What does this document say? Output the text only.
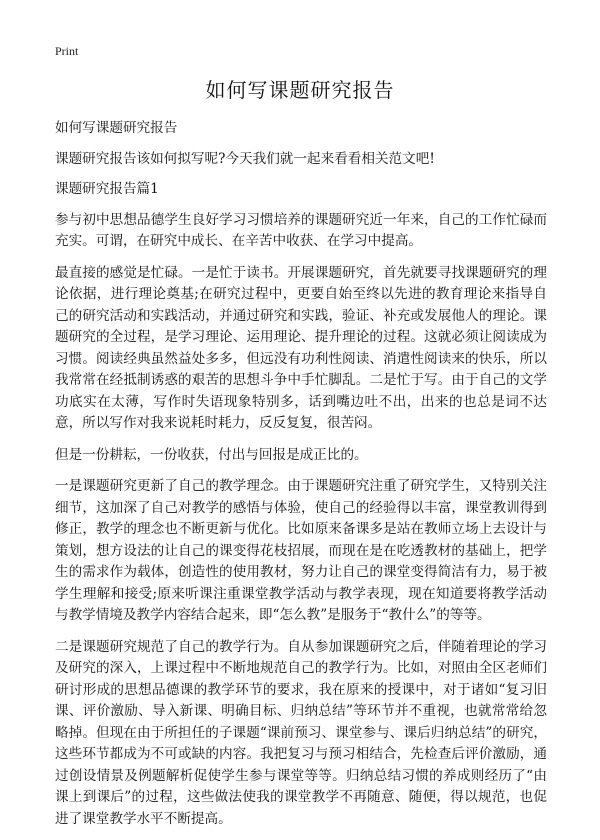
Print
如何写课题研究报告

如何写课题研究报告

课题研究报告该如何拟写呢?今天我们就一起来看看相关范文吧!

课题研究报告篇1

参与初中思想品德学生良好学习习惯培养的课题研究近一年来，自己的工作忙碌而充实。可谓，在研究中成长、在辛苦中收获、在学习中提高。

最直接的感觉是忙碌。一是忙于读书。开展课题研究，首先就要寻找课题研究的理论依据，进行理论奠基;在研究过程中，更要自始至终以先进的教育理论来指导自己的研究活动和实践活动，并通过研究和实践，验证、补充或发展他人的理论。课题研究的全过程，是学习理论、运用理论、提升理论的过程。这就必须让阅读成为习惯。阅读经典虽然益处多多，但远没有功利性阅读、消遣性阅读来的快乐，所以我常常在经抵制诱惑的艰苦的思想斗争中手忙脚乱。二是忙于写。由于自己的文学功底实在太薄，写作时失语现象特别多，话到嘴边吐不出，出来的也总是词不达意，所以写作对我来说耗时耗力，反反复复，很苦闷。

但是一份耕耘，一份收获，付出与回报是成正比的。

一是课题研究更新了自己的教学理念。由于课题研究注重了研究学生，又特别关注细节，这加深了自己对教学的感悟与体验，使自己的经验得以丰富，课堂教训得到修正，教学的理念也不断更新与优化。比如原来备课多是站在教师立场上去设计与策划，想方设法的让自己的课变得花枝招展，而现在是在吃透教材的基础上，把学生的需求作为载体，创造性的使用教材，努力让自己的课堂变得简洁有力，易于被学生理解和接受;原来听课注重课堂教学活动与教学表现，现在知道要将教学活动与教学情境及教学内容结合起来，即“怎么教”是服务于“教什么”的等等。

二是课题研究规范了自己的教学行为。自从参加课题研究之后，伴随着理论的学习及研究的深入，上课过程中不断地规范自己的教学行为。比如，对照由全区老师们研讨形成的思想品德课的教学环节的要求，我在原来的授课中，对于诸如“复习旧课、评价激励、导入新课、明确目标、归纳总结”等环节并不重视，也就常常给忽略掉。但现在由于所担任的子课题“课前预习、课堂参与、课后归纳总结”的研究，这些环节都成为不可或缺的内容。我把复习与预习相结合，先检查后评价激励，通过创设情景及例题解析促使学生参与课堂等等。归纳总结习惯的养成则经历了“由课上到课后”的过程，这些做法使我的课堂教学不再随意、随便，得以规范，也促进了课堂教学水平不断提高。
